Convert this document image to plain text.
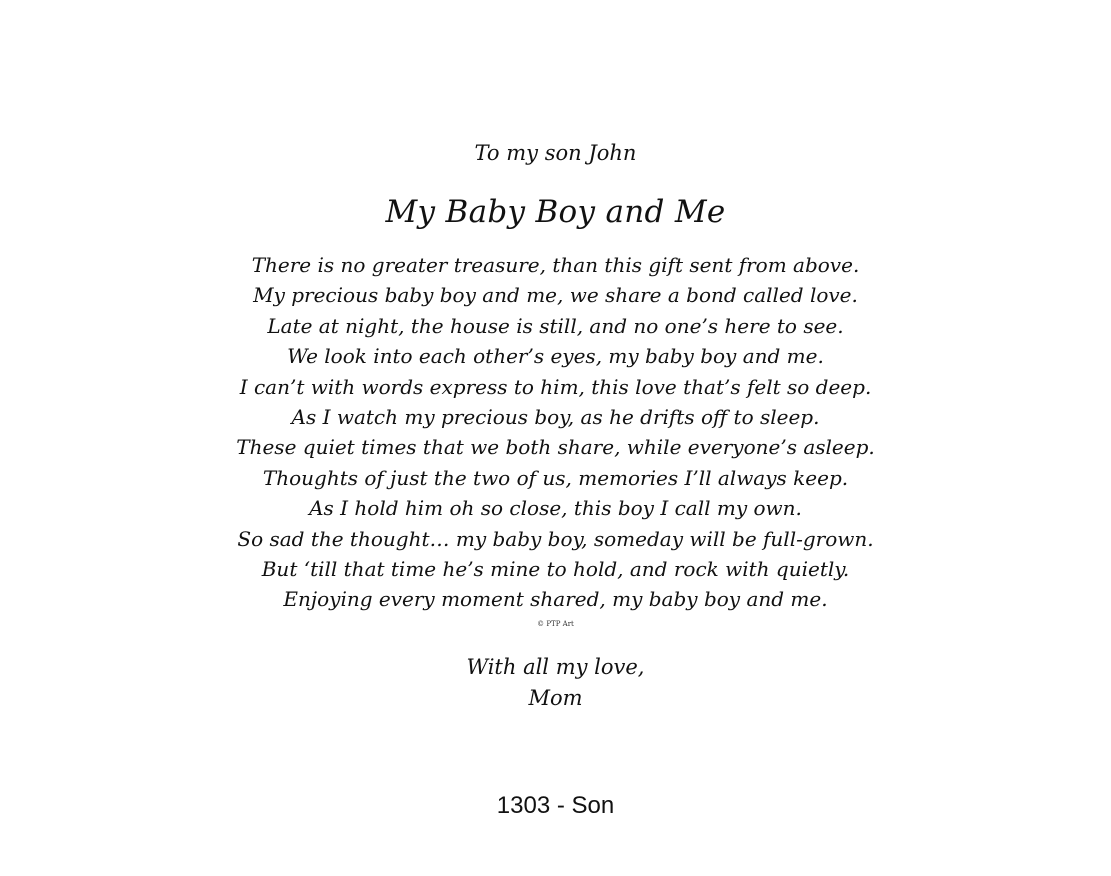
To my son John
My Baby Boy and Me
There is no greater treasure, than this gift sent from above.
My precious baby boy and me, we share a bond called love.
Late at night, the house is still, and no one’s here to see.
We look into each other’s eyes, my baby boy and me.
I can’t with words express to him, this love that’s felt so deep.
As I watch my precious boy, as he drifts off to sleep.
These quiet times that we both share, while everyone’s asleep.
Thoughts of just the two of us, memories I’ll always keep.
As I hold him oh so close, this boy I call my own.
So sad the thought… my baby boy, someday will be full-grown.
But ‘till that time he’s mine to hold, and rock with quietly.
Enjoying every moment shared, my baby boy and me.
© PTP Art
With all my love,
Mom
1303 - Son
